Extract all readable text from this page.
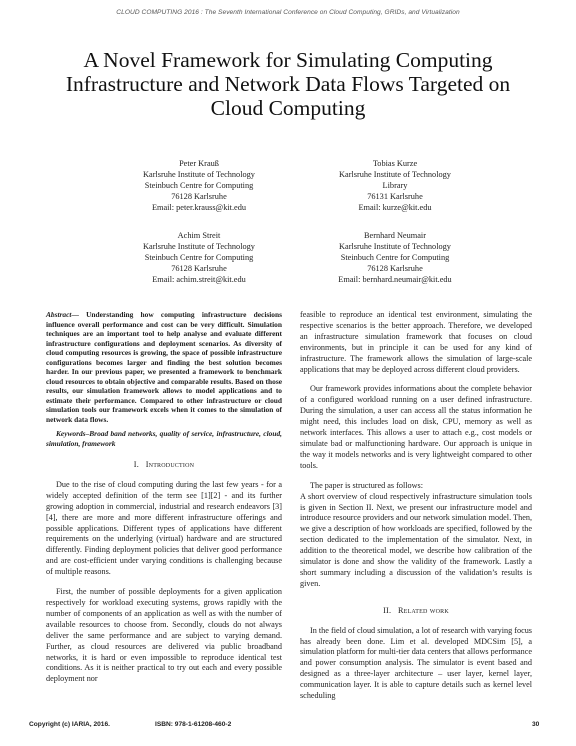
CLOUD COMPUTING 2016 : The Seventh International Conference on Cloud Computing, GRIDs, and Virtualization
A Novel Framework for Simulating Computing Infrastructure and Network Data Flows Targeted on Cloud Computing
Peter Krauß
Karlsruhe Institute of Technology
Steinbuch Centre for Computing
76128 Karlsruhe
Email: peter.krauss@kit.edu
Tobias Kurze
Karlsruhe Institute of Technology
Library
76131 Karlsruhe
Email: kurze@kit.edu
Achim Streit
Karlsruhe Institute of Technology
Steinbuch Centre for Computing
76128 Karlsruhe
Email: achim.streit@kit.edu
Bernhard Neumair
Karlsruhe Institute of Technology
Steinbuch Centre for Computing
76128 Karlsruhe
Email: bernhard.neumair@kit.edu

Abstract— Understanding how computing infrastructure decisions influence overall performance and cost can be very difficult. Simulation techniques are an important tool to help analyse and evaluate different infrastructure configurations and deployment scenarios. As diversity of cloud computing resources is growing, the space of possible infrastructure configurations becomes larger and finding the best solution becomes harder. In our previous paper, we presented a framework to benchmark cloud resources to obtain objective and comparable results. Based on those results, our simulation framework allows to model applications and to estimate their performance. Compared to other infrastructure or cloud simulation tools our framework excels when it comes to the simulation of network data flows.

Keywords–Broad band networks, quality of service, infrastructure, cloud, simulation, framework

I. Introduction

Due to the rise of cloud computing during the last few years - for a widely accepted definition of the term see [1][2] - and its further growing adoption in commercial, industrial and research endeavors [3][4], there are more and more different infrastructure offerings and possible applications. Different types of applications have different requirements on the underlying (virtual) hardware and are structured differently. Finding deployment policies that deliver good performance and are cost-efficient under varying conditions is challenging because of multiple reasons.

First, the number of possible deployments for a given application respectively for workload executing systems, grows rapidly with the number of components of an application as well as with the number of available resources to choose from. Secondly, clouds do not always deliver the same performance and are subject to varying demand. Further, as cloud resources are delivered via public broadband networks, it is hard or even impossible to reproduce identical test conditions. As it is neither practical to try out each and every possible deployment nor

feasible to reproduce an identical test environment, simulating the respective scenarios is the better approach. Therefore, we developed an infrastructure simulation framework that focuses on cloud environments, but in principle it can be used for any kind of infrastructure. The framework allows the simulation of large-scale applications that may be deployed across different cloud providers.

Our framework provides informations about the complete behavior of a configured workload running on a user defined infrastructure. During the simulation, a user can access all the status information he might need, this includes load on disk, CPU, memory as well as network interfaces. This allows a user to attach e.g., cost models or simulate bad or malfunctioning hardware. Our approach is unique in the way it models networks and is very lightweight compared to other tools.

The paper is structured as follows:

A short overview of cloud respectively infrastructure simulation tools is given in Section II. Next, we present our infrastructure model and introduce resource providers and our network simulation model. Then, we give a description of how workloads are specified, followed by the section dedicated to the implementation of the simulator. Next, in addition to the theoretical model, we describe how calibration of the simulator is done and show the validity of the framework. Lastly a short summary including a discussion of the validation’s results is given.

II. Related work

In the field of cloud simulation, a lot of research with varying focus has already been done. Lim et al. developed MDCSim [5], a simulation platform for multi-tier data centers that allows performance and power consumption analysis. The simulator is event based and designed as a three-layer architecture – user layer, kernel layer, communication layer. It is able to capture details such as kernel level scheduling

Copyright (c) IARIA, 2016.	ISBN: 978-1-61208-460-2	30
